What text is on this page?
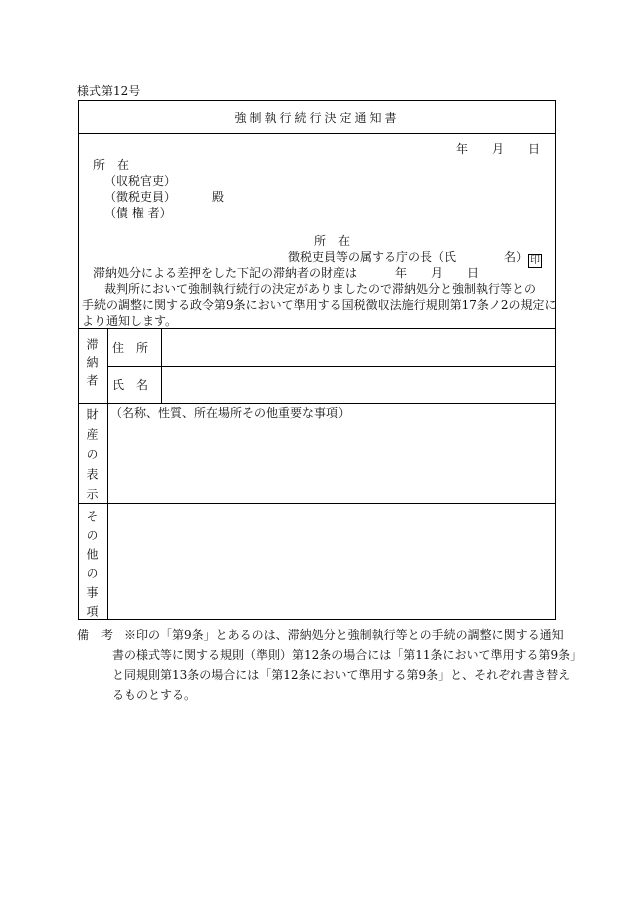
様式第12号
強制執行続行決定通知書
年　　月　　日
所　在
（収税官吏）
（徴税吏員）	殿
（債 権 者）
所　在
徴税吏員等の属する庁の長（氏　　　　名） 印
滞納処分による差押をした下記の滞納者の財産は	年　　月　　日
裁判所において強制執行続行の決定がありましたので滞納処分と強制執行等との
手続の調整に関する政令第9条において準用する国税徴収法施行規則第17条ノ2の規定に
より通知します。
滞納者 住　所
氏　名
財産の表示 （名称、性質、所在場所その他重要な事項）
その他の事項
備　考 ※印の「第9条」とあるのは、滞納処分と強制執行等との手続の調整に関する通知
書の様式等に関する規則（準則）第12条の場合には「第11条において準用する第9条」
と同規則第13条の場合には「第12条において準用する第9条」と、それぞれ書き替え
るものとする。
